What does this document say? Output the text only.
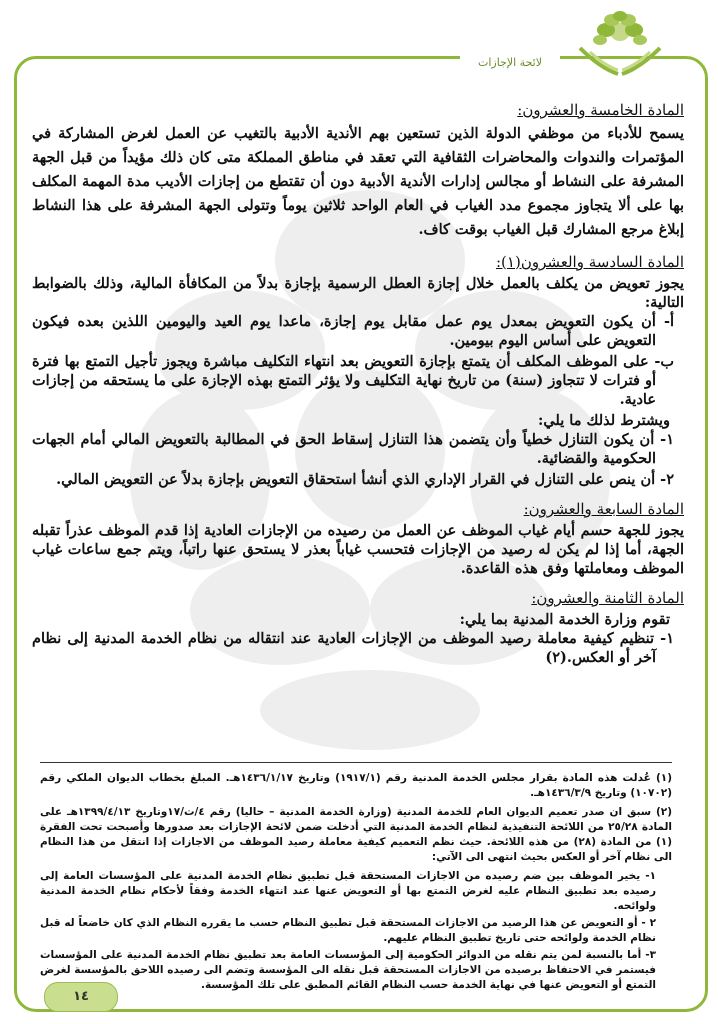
لائحة الإجازات
المادة الخامسة والعشرون:

يسمح للأدباء من موظفي الدولة الذين تستعين بهم الأندية الأدبية بالتغيب عن العمل لغرض المشاركة في المؤتمرات والندوات والمحاضرات الثقافية التي تعقد في مناطق المملكة متى كان ذلك مؤيداً من قبل الجهة المشرفة على النشاط أو مجالس إدارات الأندية الأدبية دون أن تقتطع من إجازات الأديب مدة المهمة المكلف بها على ألا يتجاوز مجموع مدد الغياب في العام الواحد ثلاثين يوماً وتتولى الجهة المشرفة على هذا النشاط إبلاغ مرجع المشارك قبل الغياب بوقت كاف.

المادة السادسة والعشرون(١):

يجوز تعويض من يكلف بالعمل خلال إجازة العطل الرسمية بإجازة بدلاً من المكافأة المالية، وذلك بالضوابط التالية:

أ- أن يكون التعويض بمعدل يوم عمل مقابل يوم إجازة، ماعدا يوم العيد واليومين اللذين بعده فيكون التعويض على أساس اليوم بيومين.

ب- على الموظف المكلف أن يتمتع بإجازة التعويض بعد انتهاء التكليف مباشرة ويجوز تأجيل التمتع بها فترة أو فترات لا تتجاوز (سنة) من تاريخ نهاية التكليف ولا يؤثر التمتع بهذه الإجازة على ما يستحقه من إجازات عادية.

ويشترط لذلك ما يلي:

١- أن يكون التنازل خطياً وأن يتضمن هذا التنازل إسقاط الحق في المطالبة بالتعويض المالي أمام الجهات الحكومية والقضائية.

٢- أن ينص على التنازل في القرار الإداري الذي أنشأ استحقاق التعويض بإجازة بدلاً عن التعويض المالي.

المادة السابعة والعشرون:

يجوز للجهة حسم أيام غياب الموظف عن العمل من رصيده من الإجازات العادية إذا قدم الموظف عذراً تقبله الجهة، أما إذا لم يكن له رصيد من الإجازات فتحسب غياباً بعذر لا يستحق عنها راتباً، ويتم جمع ساعات غياب الموظف ومعاملتها وفق هذه القاعدة.

المادة الثامنة والعشرون:

تقوم وزارة الخدمة المدنية بما يلي:

١- تنظيم كيفية معاملة رصيد الموظف من الإجازات العادية عند انتقاله من نظام الخدمة المدنية إلى نظام آخر أو العكس.(٢)

(١) عُدلت هذه المادة بقرار مجلس الخدمة المدنية رقم (١٩١٧/١) وتاريخ ١٤٣٦/١/١٧هـ. المبلغ بخطاب الديوان الملكي رقم (١٠٧٠٢) وتاريخ ١٤٣٦/٣/٩هـ.

(٢) سبق ان صدر تعميم الديوان العام للخدمة المدنية (وزارة الخدمة المدنية – حاليا) رقم ٤/ت/١٧وتاريخ ١٣٩٩/٤/١٣هـ على المادة ٢٥/٢٨ من اللائحة التنفيذية لنظام الخدمة المدنية التي أدخلت ضمن لائحة الإجازات بعد صدورها وأصبحت تحت الفقرة (١) من المادة (٢٨) من هذه اللائحة. حيث نظم التعميم كيفية معاملة رصيد الموظف من الاجازات إذا انتقل من هذا النظام الى نظام آخر أو العكس بحيث انتهى الى الآتي:

١- يخير الموظف بين ضم رصيده من الاجازات المستحقة قبل تطبيق نظام الخدمة المدنية على المؤسسات العامة إلى رصيده بعد تطبيق النظام عليه لغرض التمتع بها أو التعويض عنها عند انتهاء الخدمة وفقاً لأحكام نظام الخدمة المدنية ولوائحه.

٢ - أو التعويض عن هذا الرصيد من الاجازات المستحقة قبل تطبيق النظام حسب ما يقرره النظام الذي كان خاضعاً له قبل نظام الخدمة ولوائحه حتى تاريخ تطبيق النظام عليهم.

٣- أما بالنسبة لمن يتم نقله من الدوائر الحكومية إلى المؤسسات العامة بعد تطبيق نظام الخدمة المدنية على المؤسسات فيستمر في الاحتفاظ برصيده من الاجازات المستحقة قبل نقله الى المؤسسة وتضم الى رصيده اللاحق بالمؤسسة لغرض التمتع أو التعويض عنها في نهاية الخدمة حسب النظام القائم المطبق على تلك المؤسسة.

١٤
